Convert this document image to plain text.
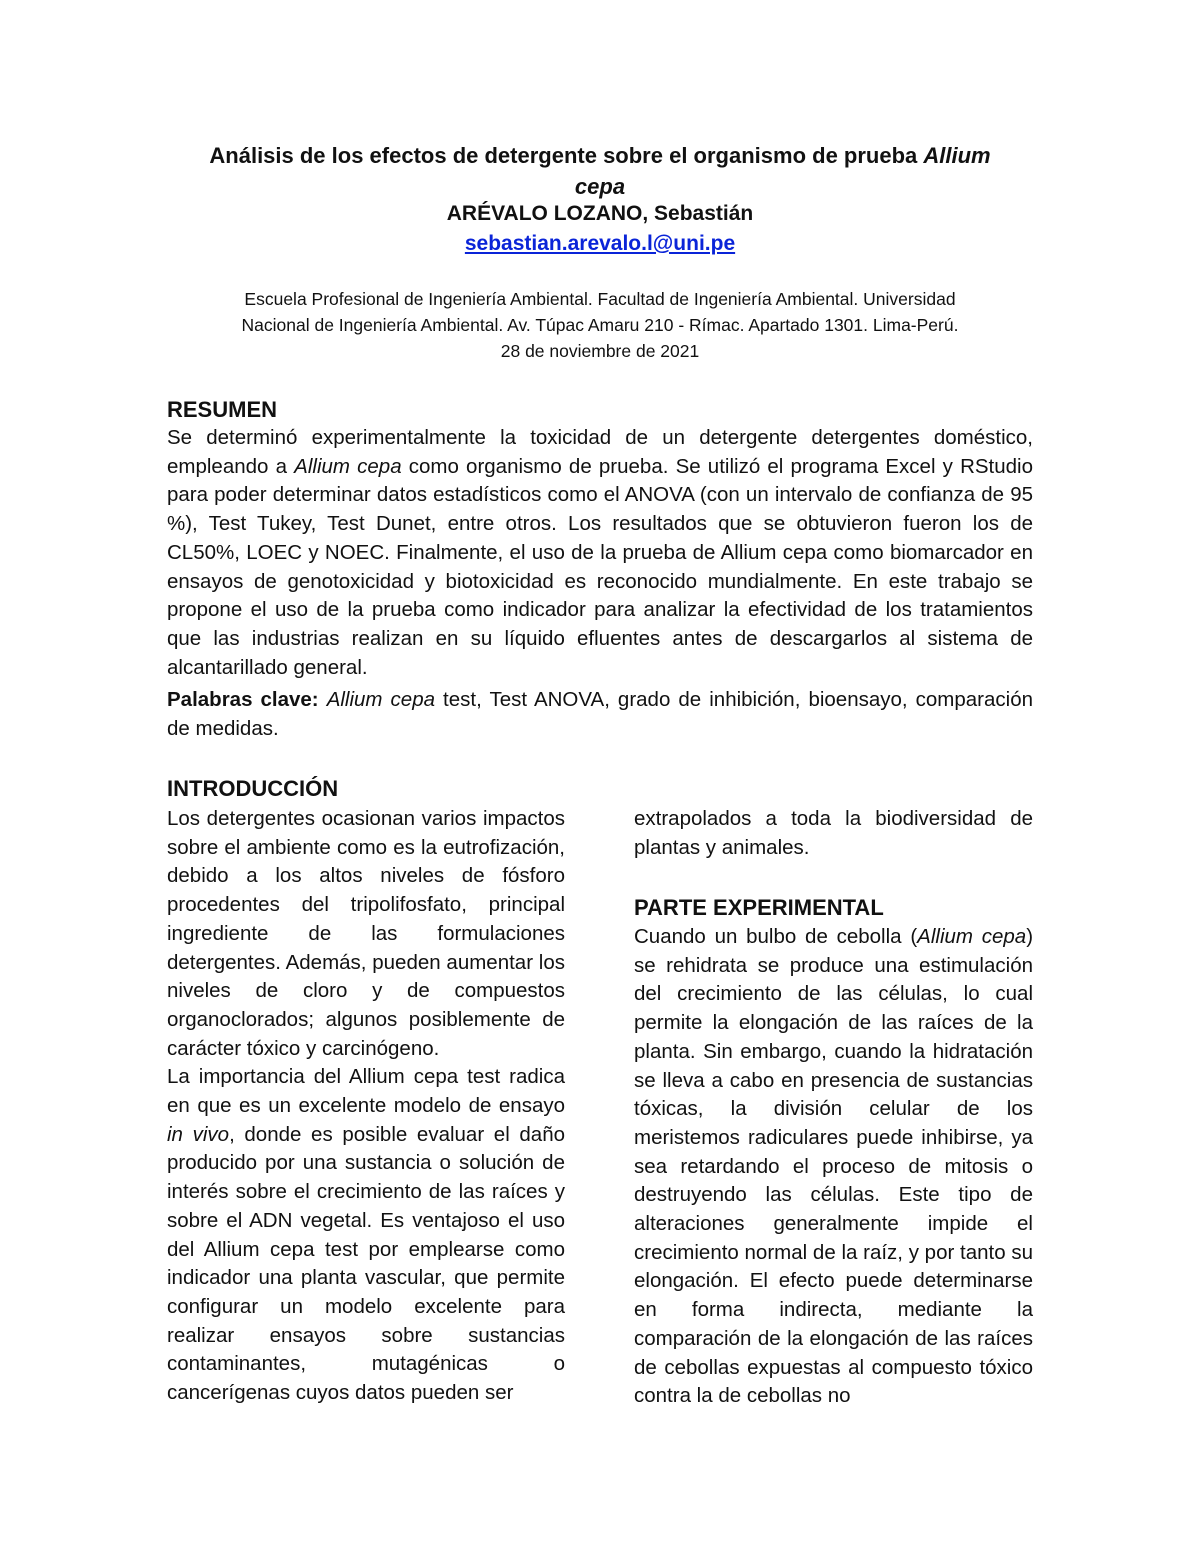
Análisis de los efectos de detergente sobre el organismo de prueba Allium
cepa
ARÉVALO LOZANO, Sebastián
sebastian.arevalo.l@uni.pe
Escuela Profesional de Ingeniería Ambiental. Facultad de Ingeniería Ambiental. Universidad
Nacional de Ingeniería Ambiental. Av. Túpac Amaru 210 - Rímac. Apartado 1301. Lima-Perú.
28 de noviembre de 2021
RESUMEN

Se determinó experimentalmente la toxicidad de un detergente detergentes doméstico, empleando a Allium cepa como organismo de prueba. Se utilizó el programa Excel y RStudio para poder determinar datos estadísticos como el ANOVA (con un intervalo de confianza de 95 %), Test Tukey, Test Dunet, entre otros. Los resultados que se obtuvieron fueron los de CL50%, LOEC y NOEC. Finalmente, el uso de la prueba de Allium cepa como biomarcador en ensayos de genotoxicidad y biotoxicidad es reconocido mundialmente. En este trabajo se propone el uso de la prueba como indicador para analizar la efectividad de los tratamientos que las industrias realizan en su líquido efluentes antes de descargarlos al sistema de alcantarillado general.

Palabras clave: Allium cepa test, Test ANOVA, grado de inhibición, bioensayo, comparación de medidas.
INTRODUCCIÓN

Los detergentes ocasionan varios impactos sobre el ambiente como es la eutrofización, debido a los altos niveles de fósforo procedentes del tripolifosfato, principal ingrediente de las formulaciones detergentes. Además, pueden aumentar los niveles de cloro y de compuestos organoclorados; algunos posiblemente de carácter tóxico y carcinógeno.

La importancia del Allium cepa test radica en que es un excelente modelo de ensayo in vivo, donde es posible evaluar el daño producido por una sustancia o solución de interés sobre el crecimiento de las raíces y sobre el ADN vegetal. Es ventajoso el uso del Allium cepa test por emplearse como indicador una planta vascular, que permite configurar un modelo excelente para realizar ensayos sobre sustancias contaminantes, mutagénicas o cancerígenas cuyos datos pueden ser

extrapolados a toda la biodiversidad de plantas y animales.

PARTE EXPERIMENTAL

Cuando un bulbo de cebolla (Allium cepa) se rehidrata se produce una estimulación del crecimiento de las células, lo cual permite la elongación de las raíces de la planta. Sin embargo, cuando la hidratación se lleva a cabo en presencia de sustancias tóxicas, la división celular de los meristemos radiculares puede inhibirse, ya sea retardando el proceso de mitosis o destruyendo las células. Este tipo de alteraciones generalmente impide el crecimiento normal de la raíz, y por tanto su elongación. El efecto puede determinarse en forma indirecta, mediante la comparación de la elongación de las raíces de cebollas expuestas al compuesto tóxico contra la de cebollas no
